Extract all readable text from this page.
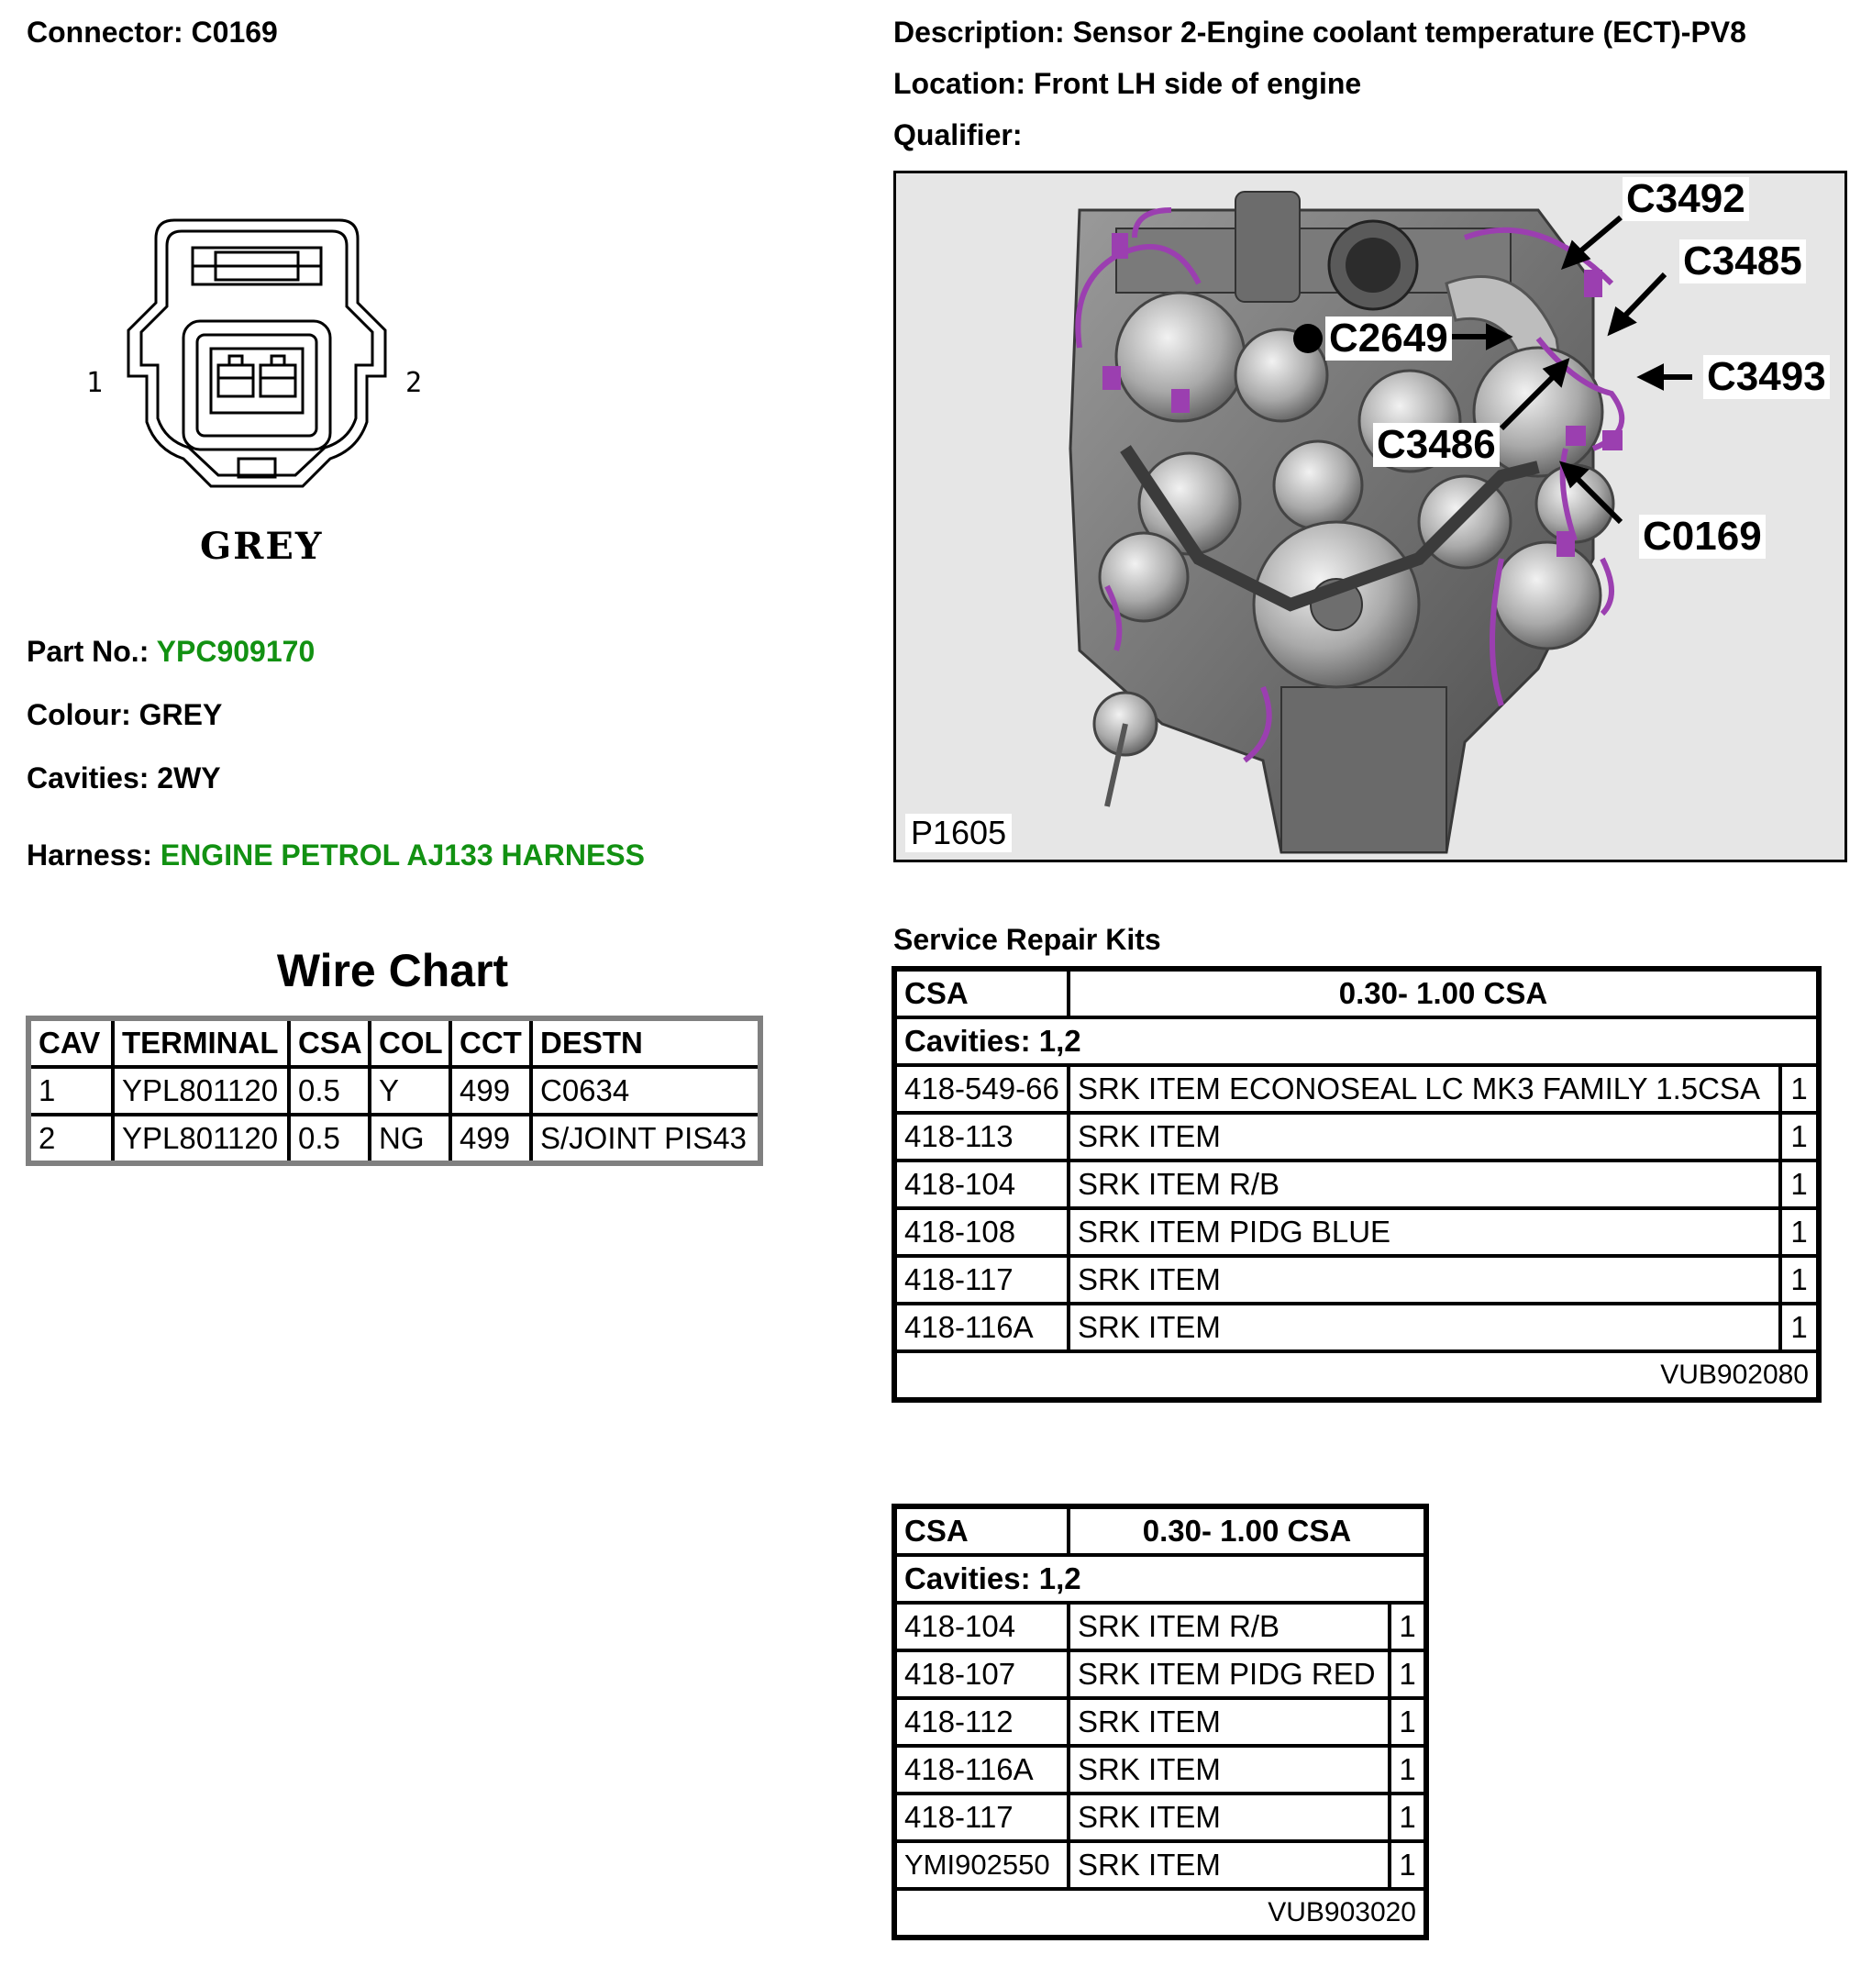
Connector: C0169	Description: Sensor 2-Engine coolant temperature (ECT)-PV8
Location: Front LH side of engine
Qualifier:
1	2
GREY
Part No.: YPC909170
Colour: GREY
Cavities: 2WY
Harness: ENGINE PETROL AJ133 HARNESS
Wire Chart
CAV	TERMINAL	CSA	COL	CCT	DESTN
1	YPL801120	0.5	Y	499	C0634
2	YPL801120	0.5	NG	499	S/JOINT PIS43
C3492
C3485
C2649
C3493
C3486
C0169
P1605
Service Repair Kits
CSA	0.30- 1.00 CSA	
Cavities: 1,2		
418-549-66	SRK ITEM ECONOSEAL LC MK3 FAMILY 1.5CSA	1
418-113	SRK ITEM	1
418-104	SRK ITEM R/B	1
418-108	SRK ITEM PIDG BLUE	1
418-117	SRK ITEM	1
418-116A	SRK ITEM	1
VUB902080		
CSA	0.30- 1.00 CSA	
Cavities: 1,2		
418-104	SRK ITEM R/B	1
418-107	SRK ITEM PIDG RED	1
418-112	SRK ITEM	1
418-116A	SRK ITEM	1
418-117	SRK ITEM	1
YMI902550	SRK ITEM	1
VUB903020		
